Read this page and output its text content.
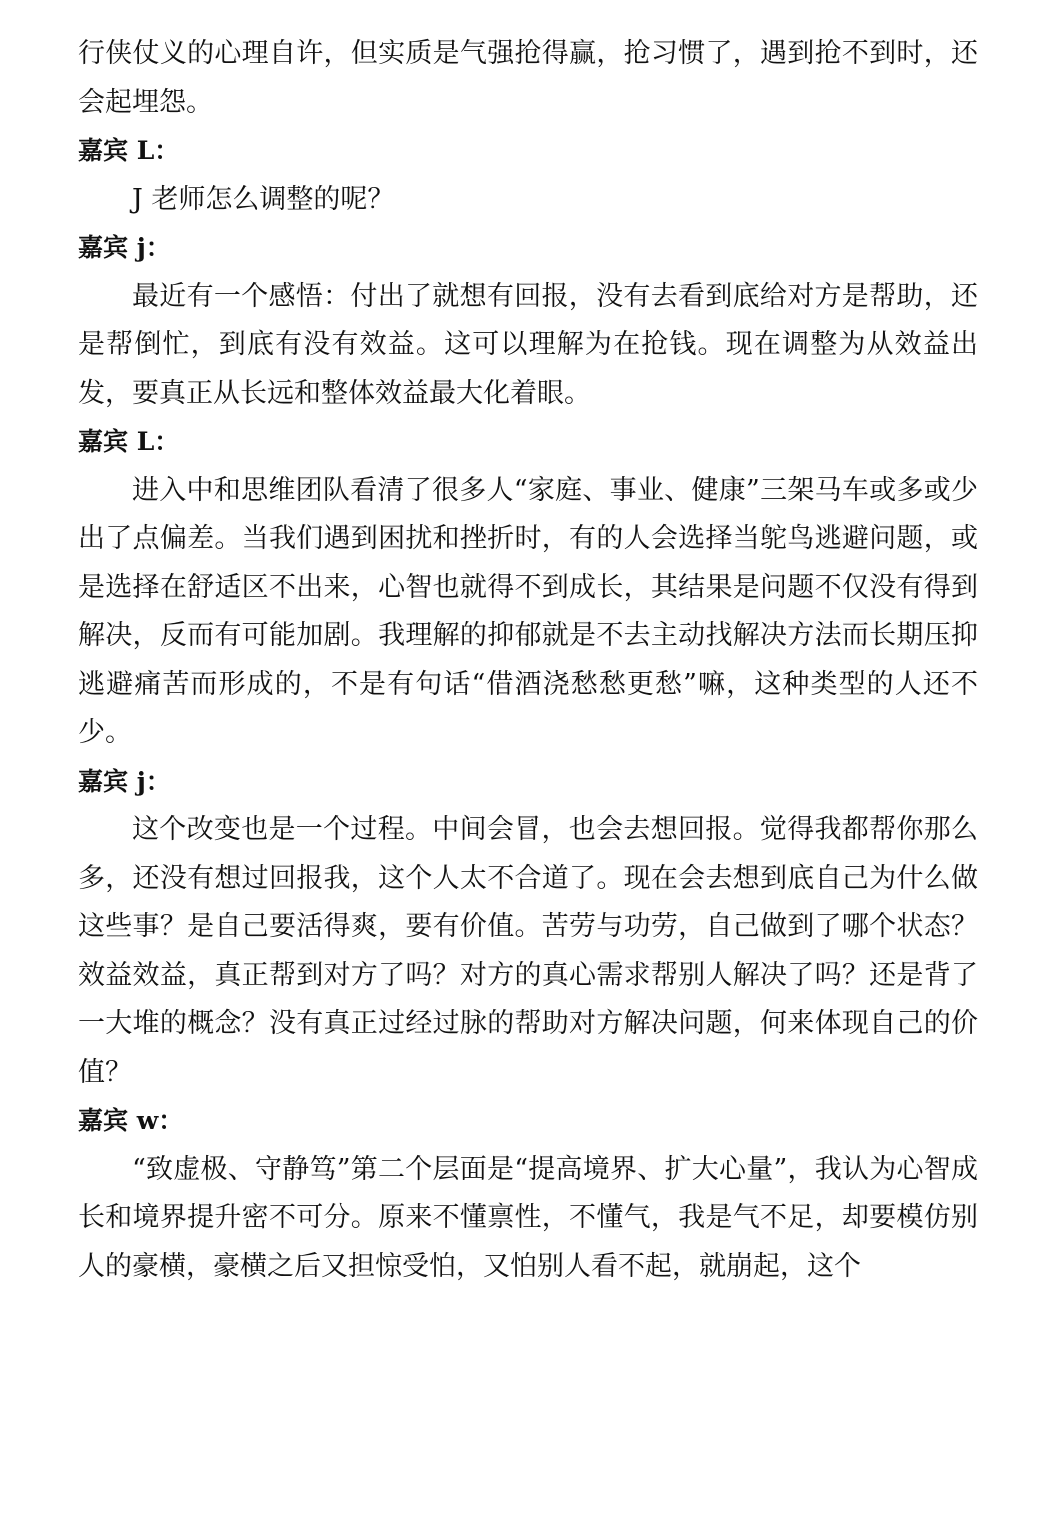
行侠仗义的心理自许，但实质是气强抢得赢，抢习惯了，遇到抢不到时，还会起埋怨。

嘉宾 L：

J 老师怎么调整的呢？

嘉宾 j：

最近有一个感悟：付出了就想有回报，没有去看到底给对方是帮助，还是帮倒忙，到底有没有效益。这可以理解为在抢钱。现在调整为从效益出发，要真正从长远和整体效益最大化着眼。

嘉宾 L：

进入中和思维团队看清了很多人“家庭、事业、健康”三架马车或多或少出了点偏差。当我们遇到困扰和挫折时，有的人会选择当鸵鸟逃避问题，或是选择在舒适区不出来，心智也就得不到成长，其结果是问题不仅没有得到解决，反而有可能加剧。我理解的抑郁就是不去主动找解决方法而长期压抑逃避痛苦而形成的，不是有句话“借酒浇愁愁更愁”嘛，这种类型的人还不少。

嘉宾 j：

这个改变也是一个过程。中间会冒，也会去想回报。觉得我都帮你那么多，还没有想过回报我，这个人太不合道了。现在会去想到底自己为什么做这些事？是自己要活得爽，要有价值。苦劳与功劳，自己做到了哪个状态？效益效益，真正帮到对方了吗？对方的真心需求帮别人解决了吗？还是背了一大堆的概念？没有真正过经过脉的帮助对方解决问题，何来体现自己的价值？

嘉宾 w：

“致虚极、守静笃”第二个层面是“提高境界、扩大心量”，我认为心智成长和境界提升密不可分。原来不懂禀性，不懂气，我是气不足，却要模仿别人的豪横，豪横之后又担惊受怕，又怕别人看不起，就崩起，这个
